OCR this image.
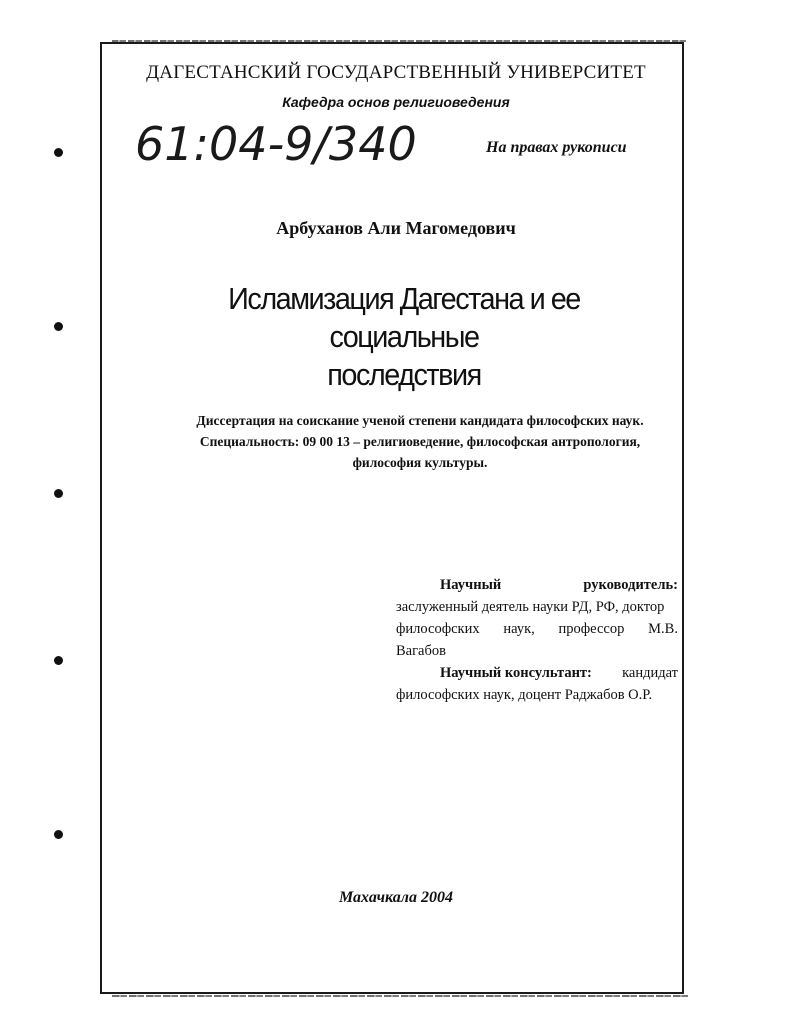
ДАГЕСТАНСКИЙ ГОСУДАРСТВЕННЫЙ УНИВЕРСИТЕТ
Кафедра основ религиоведения
61:04-9/340	На правах рукописи
Арбуханов Али Магомедович
Исламизация Дагестана и ее социальные
последствия
Диссертация на соискание ученой степени кандидата философских наук.
Специальность: 09 00 13 – религиоведение, философская антропология,
философия культуры.
Научный	руководитель:
заслуженный деятель науки РД, РФ, доктор
философских наук, профессор М.В.
Вагабов
Научный консультант: кандидат
философских наук, доцент Раджабов О.Р.
Махачкала 2004
